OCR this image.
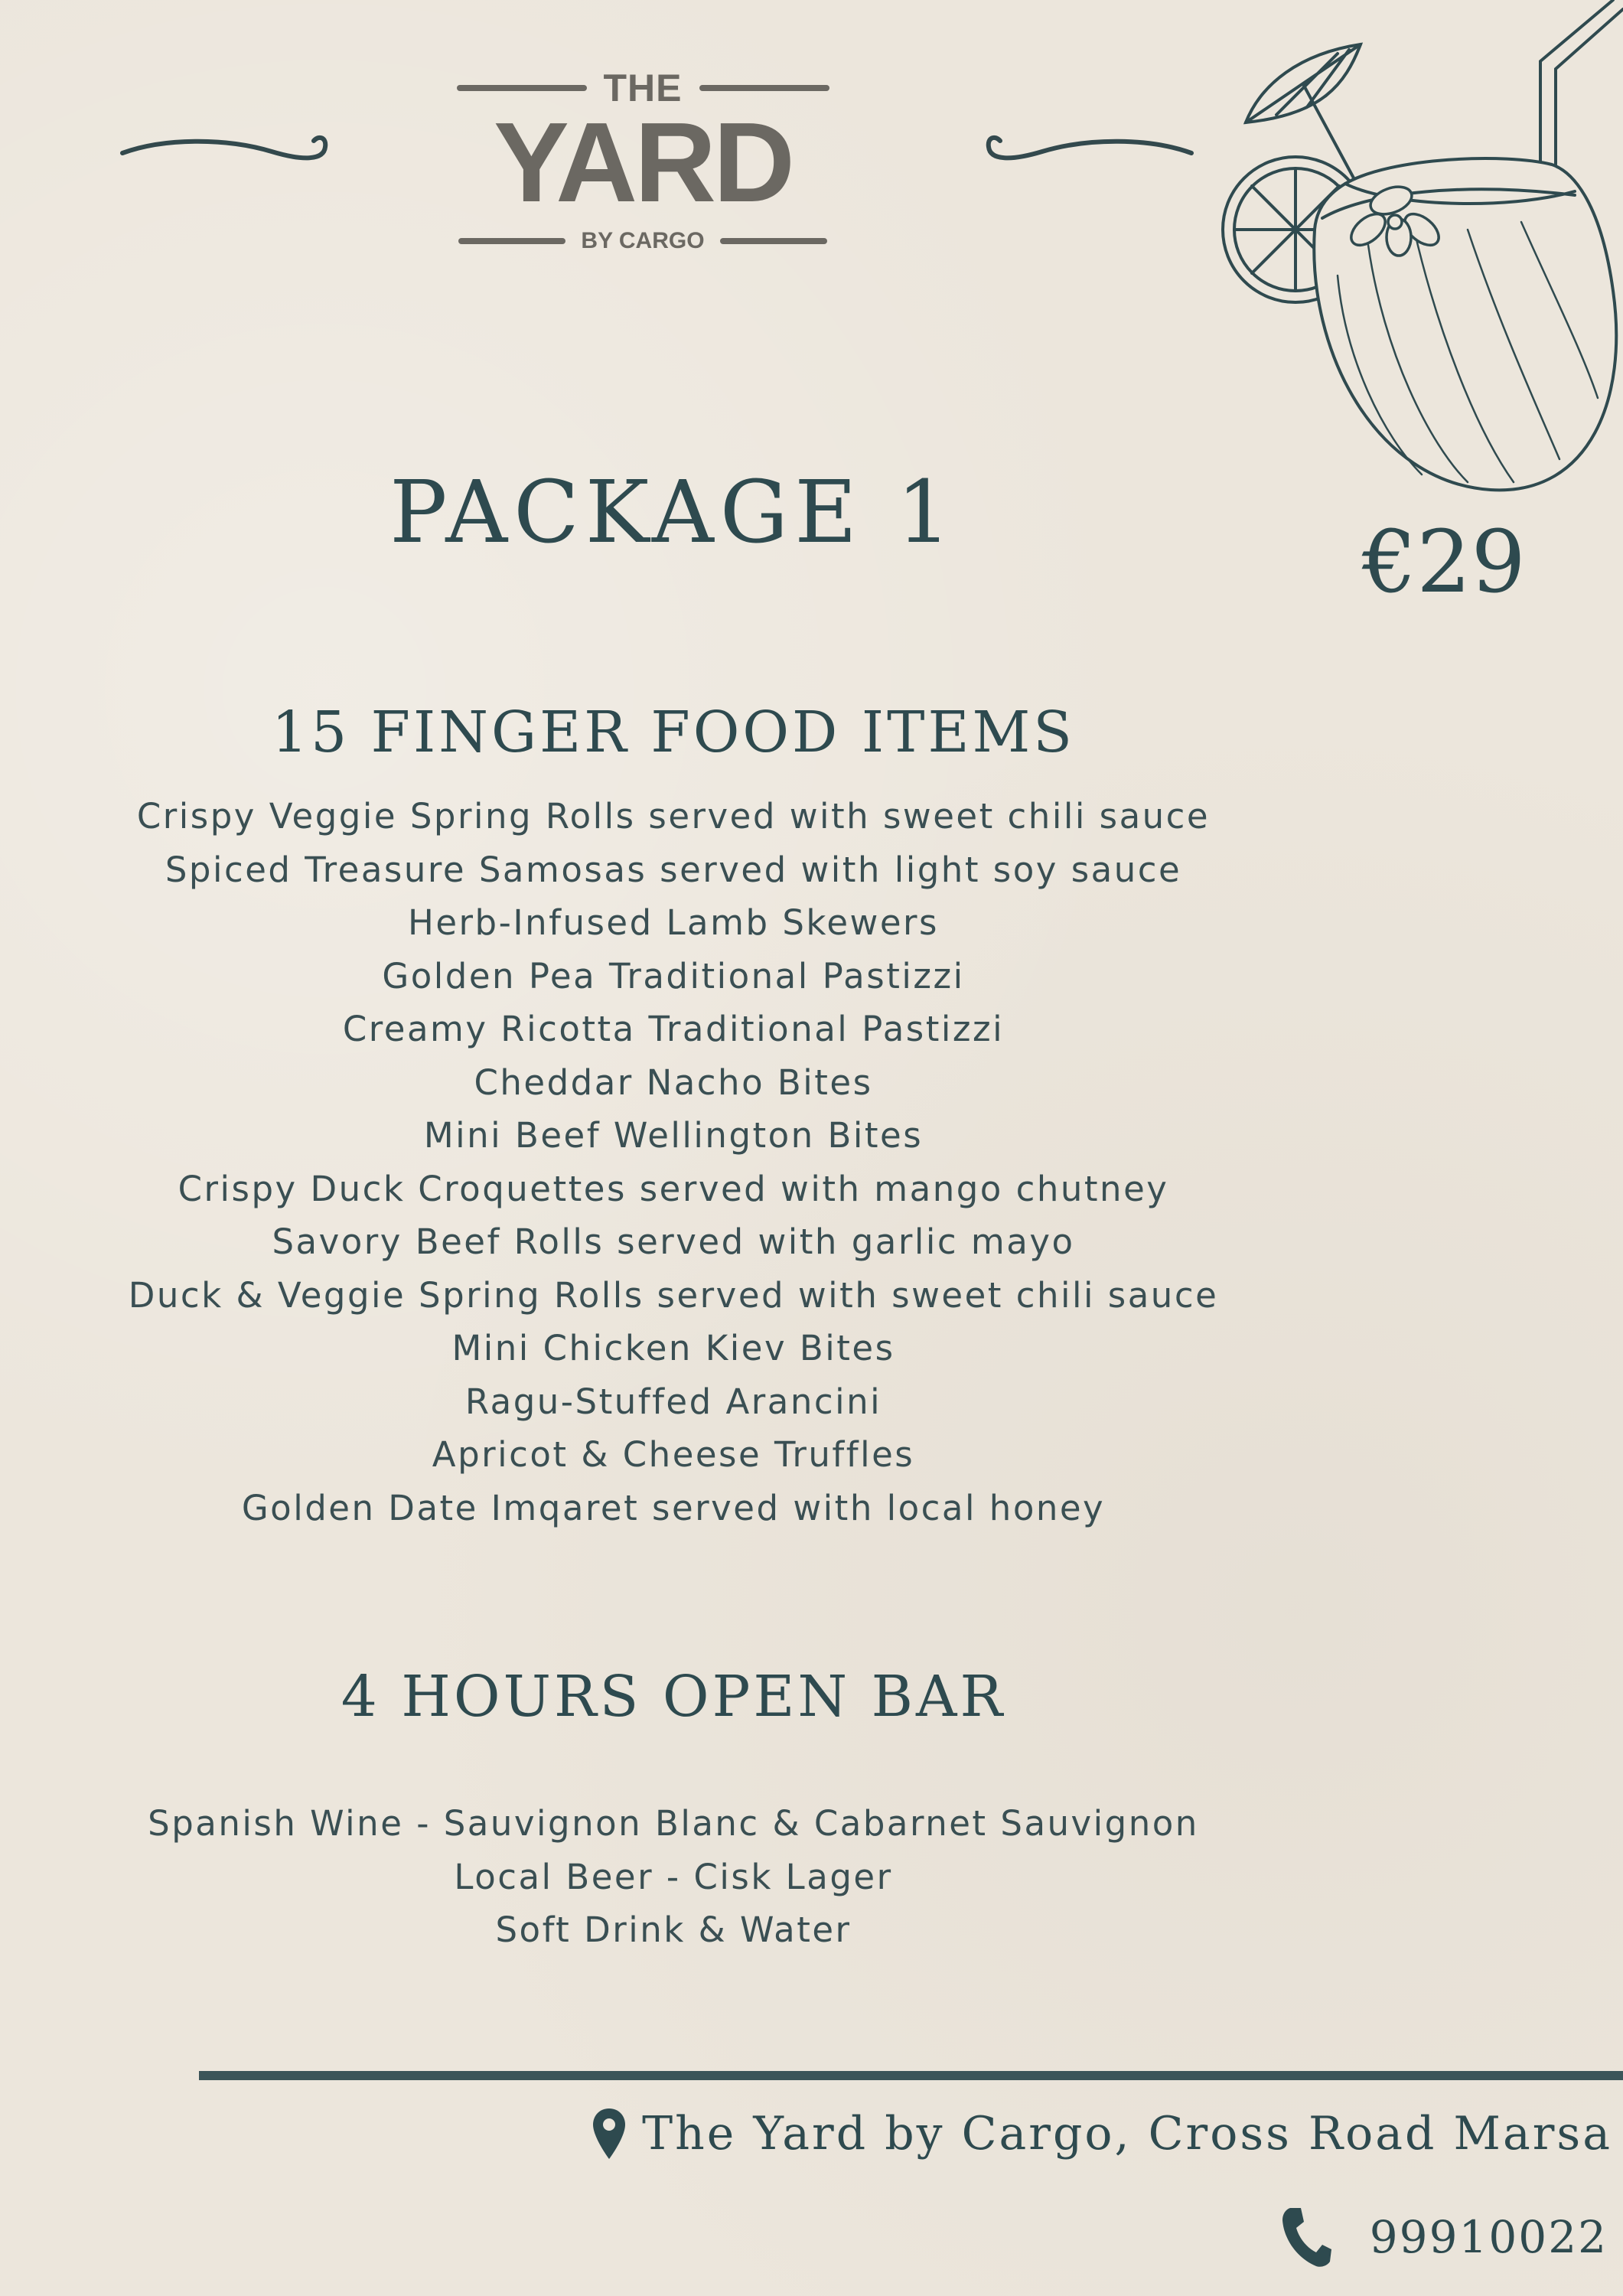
THE
YARD
BY CARGO
PACKAGE 1	€29
15 FINGER FOOD ITEMS
Crispy Veggie Spring Rolls served with sweet chili sauce
Spiced Treasure Samosas served with light soy sauce
Herb-Infused Lamb Skewers
Golden Pea Traditional Pastizzi
Creamy Ricotta Traditional Pastizzi
Cheddar Nacho Bites
Mini Beef Wellington Bites
Crispy Duck Croquettes served with mango chutney
Savory Beef Rolls served with garlic mayo
Duck & Veggie Spring Rolls served with sweet chili sauce
Mini Chicken Kiev Bites
Ragu-Stuffed Arancini
Apricot & Cheese Truffles
Golden Date Imqaret served with local honey
4 HOURS OPEN BAR
Spanish Wine - Sauvignon Blanc & Cabarnet Sauvignon
Local Beer - Cisk Lager
Soft Drink & Water
The Yard by Cargo, Cross Road Marsa
99910022
